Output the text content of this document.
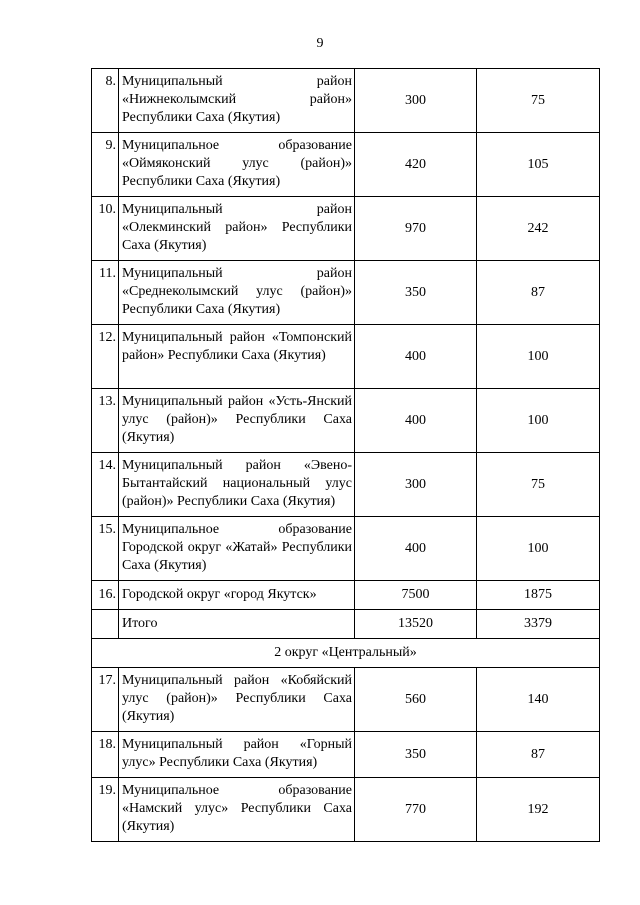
9
8.	Муниципальный район «Нижнеколымский район» Республики Саха (Якутия)	300	75
9.	Муниципальное образование «Оймяконский улус (район)» Республики Саха (Якутия)	420	105
10.	Муниципальный район «Олекминский район» Республики Саха (Якутия)	970	242
11.	Муниципальный район «Среднеколымский улус (район)» Республики Саха (Якутия)	350	87
12.	Муниципальный район «Томпонский район» Республики Саха (Якутия)	400	100
13.	Муниципальный район «Усть-Янский улус (район)» Республики Саха (Якутия)	400	100
14.	Муниципальный район «Эвено-Бытантайский национальный улус (район)» Республики Саха (Якутия)	300	75
15.	Муниципальное образование Городской округ «Жатай» Республики Саха (Якутия)	400	100
16.	Городской округ «город Якутск»	7500	1875
	Итого	13520	3379
2 округ «Центральный»			
17.	Муниципальный район «Кобяйский улус (район)» Республики Саха (Якутия)	560	140
18.	Муниципальный район «Горный улус» Республики Саха (Якутия)	350	87
19.	Муниципальное образование «Намский улус» Республики Саха (Якутия)	770	192
